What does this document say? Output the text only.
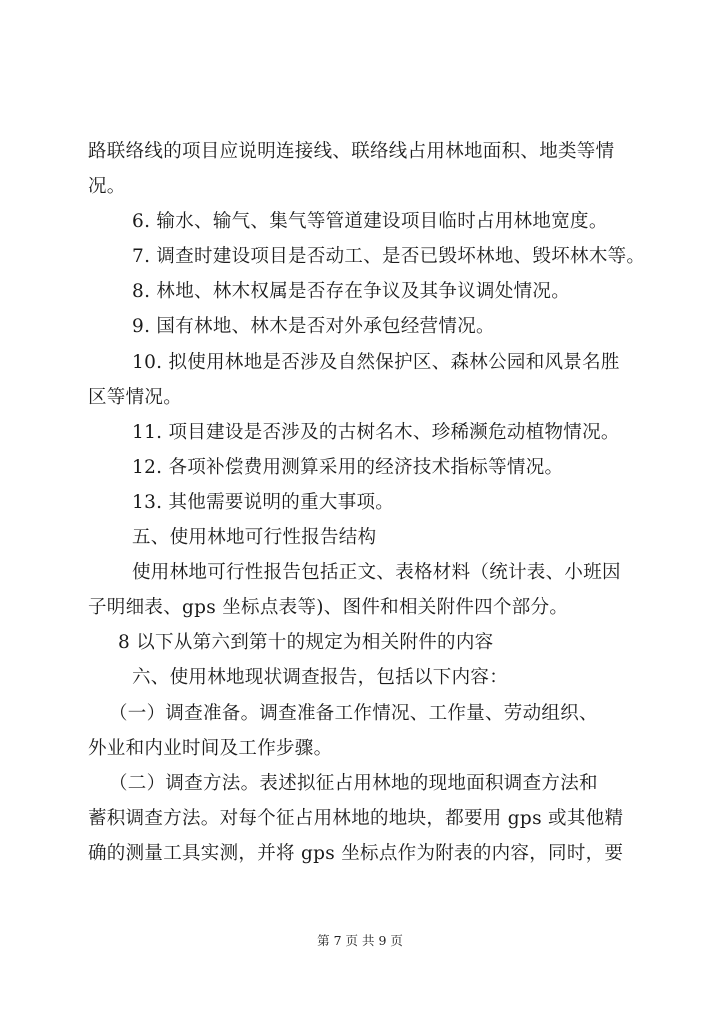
路联络线的项目应说明连接线、联络线占用林地面积、地类等情
况。
6. 输水、输气、集气等管道建设项目临时占用林地宽度。
7. 调查时建设项目是否动工、是否已毁坏林地、毁坏林木等。
8. 林地、林木权属是否存在争议及其争议调处情况。
9. 国有林地、林木是否对外承包经营情况。
10. 拟使用林地是否涉及自然保护区、森林公园和风景名胜
区等情况。
11. 项目建设是否涉及的古树名木、珍稀濒危动植物情况。
12. 各项补偿费用测算采用的经济技术指标等情况。
13. 其他需要说明的重大事项。
五、使用林地可行性报告结构
使用林地可行性报告包括正文、表格材料（统计表、小班因
子明细表、gps 坐标点表等)、图件和相关附件四个部分。
8 以下从第六到第十的规定为相关附件的内容
六、使用林地现状调查报告，包括以下内容：
（一）调查准备。调查准备工作情况、工作量、劳动组织、
外业和内业时间及工作步骤。
（二）调查方法。表述拟征占用林地的现地面积调查方法和
蓄积调查方法。对每个征占用林地的地块，都要用 gps 或其他精
确的测量工具实测，并将 gps 坐标点作为附表的内容，同时，要
第 7 页 共 9 页
